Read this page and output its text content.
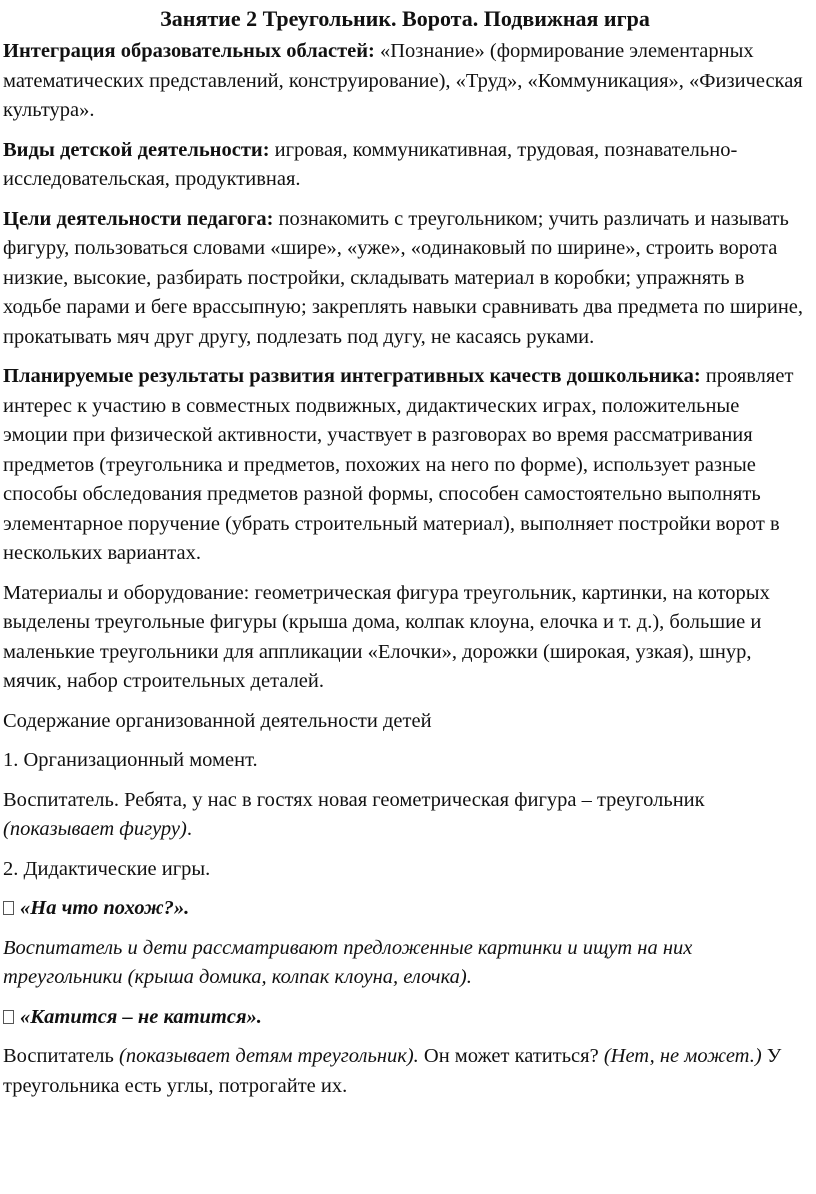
Занятие 2 Треугольник. Ворота. Подвижная игра

Интеграция образовательных областей: «Познание» (формирование элементарных математических представлений, конструирование), «Труд», «Коммуникация», «Физическая культура».

Виды детской деятельности: игровая, коммуникативная, трудовая, познавательно-исследовательская, продуктивная.

Цели деятельности педагога: познакомить с треугольником; учить различать и называть фигуру, пользоваться словами «шире», «уже», «одинаковый по ширине», строить ворота низкие, высокие, разбирать постройки, складывать материал в коробки; упражнять в ходьбе парами и беге врассыпную; закреплять навыки сравнивать два предмета по ширине, прокатывать мяч друг другу, подлезать под дугу, не касаясь руками.

Планируемые результаты развития интегративных качеств дошкольника: проявляет интерес к участию в совместных подвижных, дидактических играх, положительные эмоции при физической активности, участвует в разговорах во время рассматривания предметов (треугольника и предметов, похожих на него по форме), использует разные способы обследования предметов разной формы, способен самостоятельно выполнять элементарное поручение (убрать строительный материал), выполняет постройки ворот в нескольких вариантах.

Материалы и оборудование: геометрическая фигура треугольник, картинки, на которых выделены треугольные фигуры (крыша дома, колпак клоуна, елочка и т. д.), большие и маленькие треугольники для аппликации «Елочки», дорожки (широкая, узкая), шнур, мячик, набор строительных деталей.

Содержание организованной деятельности детей

1. Организационный момент.

Воспитатель. Ребята, у нас в гостях новая геометрическая фигура – треугольник (показывает фигуру).

2. Дидактические игры.

«На что похож?».

Воспитатель и дети рассматривают предложенные картинки и ищут на них треугольники (крыша домика, колпак клоуна, елочка).

«Катится – не катится».

Воспитатель (показывает детям треугольник). Он может катиться? (Нет, не может.) У треугольника есть углы, потрогайте их.
